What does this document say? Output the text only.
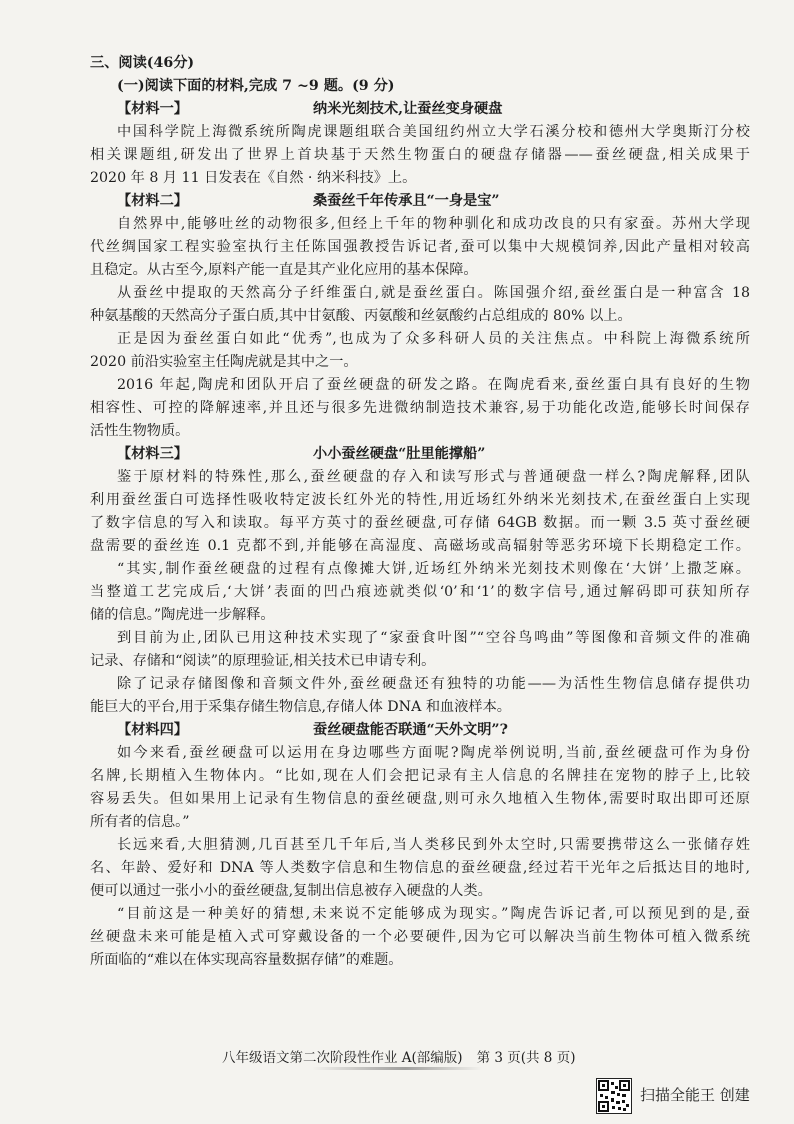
三、阅读(46分)
(一)阅读下面的材料,完成 7 ~9 题。(9 分)
【材料一】	纳米光刻技术,让蚕丝变身硬盘
中国科学院上海微系统所陶虎课题组联合美国纽约州立大学石溪分校和德州大学奥斯汀分校
相关课题组,研发出了世界上首块基于天然生物蛋白的硬盘存储器——蚕丝硬盘,相关成果于
2020 年 8 月 11 日发表在《自然 · 纳米科技》上。
【材料二】	桑蚕丝千年传承且“一身是宝”
自然界中,能够吐丝的动物很多,但经上千年的物种驯化和成功改良的只有家蚕。苏州大学现
代丝绸国家工程实验室执行主任陈国强教授告诉记者,蚕可以集中大规模饲养,因此产量相对较高
且稳定。从古至今,原料产能一直是其产业化应用的基本保障。
从蚕丝中提取的天然高分子纤维蛋白,就是蚕丝蛋白。陈国强介绍,蚕丝蛋白是一种富含 18
种氨基酸的天然高分子蛋白质,其中甘氨酸、丙氨酸和丝氨酸约占总组成的 80% 以上。
正是因为蚕丝蛋白如此“优秀”,也成为了众多科研人员的关注焦点。中科院上海微系统所
2020 前沿实验室主任陶虎就是其中之一。
2016 年起,陶虎和团队开启了蚕丝硬盘的研发之路。在陶虎看来,蚕丝蛋白具有良好的生物
相容性、可控的降解速率,并且还与很多先进微纳制造技术兼容,易于功能化改造,能够长时间保存
活性生物物质。
【材料三】	小小蚕丝硬盘“肚里能撑船”
鉴于原材料的特殊性,那么,蚕丝硬盘的存入和读写形式与普通硬盘一样么?陶虎解释,团队
利用蚕丝蛋白可选择性吸收特定波长红外光的特性,用近场红外纳米光刻技术,在蚕丝蛋白上实现
了数字信息的写入和读取。每平方英寸的蚕丝硬盘,可存储 64GB 数据。而一颗 3.5 英寸蚕丝硬
盘需要的蚕丝连 0.1 克都不到,并能够在高湿度、高磁场或高辐射等恶劣环境下长期稳定工作。
“其实,制作蚕丝硬盘的过程有点像摊大饼,近场红外纳米光刻技术则像在‘大饼’上撒芝麻。
当整道工艺完成后,‘大饼’表面的凹凸痕迹就类似‘0’和‘1’的数字信号,通过解码即可获知所存
储的信息。”陶虎进一步解释。
到目前为止,团队已用这种技术实现了“家蚕食叶图”“空谷鸟鸣曲”等图像和音频文件的准确
记录、存储和“阅读”的原理验证,相关技术已申请专利。
除了记录存储图像和音频文件外,蚕丝硬盘还有独特的功能——为活性生物信息储存提供功
能巨大的平台,用于采集存储生物信息,存储人体 DNA 和血液样本。
【材料四】	蚕丝硬盘能否联通“天外文明”?
如今来看,蚕丝硬盘可以运用在身边哪些方面呢?陶虎举例说明,当前,蚕丝硬盘可作为身份
名牌,长期植入生物体内。“比如,现在人们会把记录有主人信息的名牌挂在宠物的脖子上,比较
容易丢失。但如果用上记录有生物信息的蚕丝硬盘,则可永久地植入生物体,需要时取出即可还原
所有者的信息。”
长远来看,大胆猜测,几百甚至几千年后,当人类移民到外太空时,只需要携带这么一张储存姓
名、年龄、爱好和 DNA 等人类数字信息和生物信息的蚕丝硬盘,经过若干光年之后抵达目的地时,
便可以通过一张小小的蚕丝硬盘,复制出信息被存入硬盘的人类。
“目前这是一种美好的猜想,未来说不定能够成为现实。”陶虎告诉记者,可以预见到的是,蚕
丝硬盘未来可能是植入式可穿戴设备的一个必要硬件,因为它可以解决当前生物体可植入微系统
所面临的“难以在体实现高容量数据存储”的难题。
八年级语文第二次阶段性作业 A(部编版) 第 3 页(共 8 页)
扫描全能王 创建
